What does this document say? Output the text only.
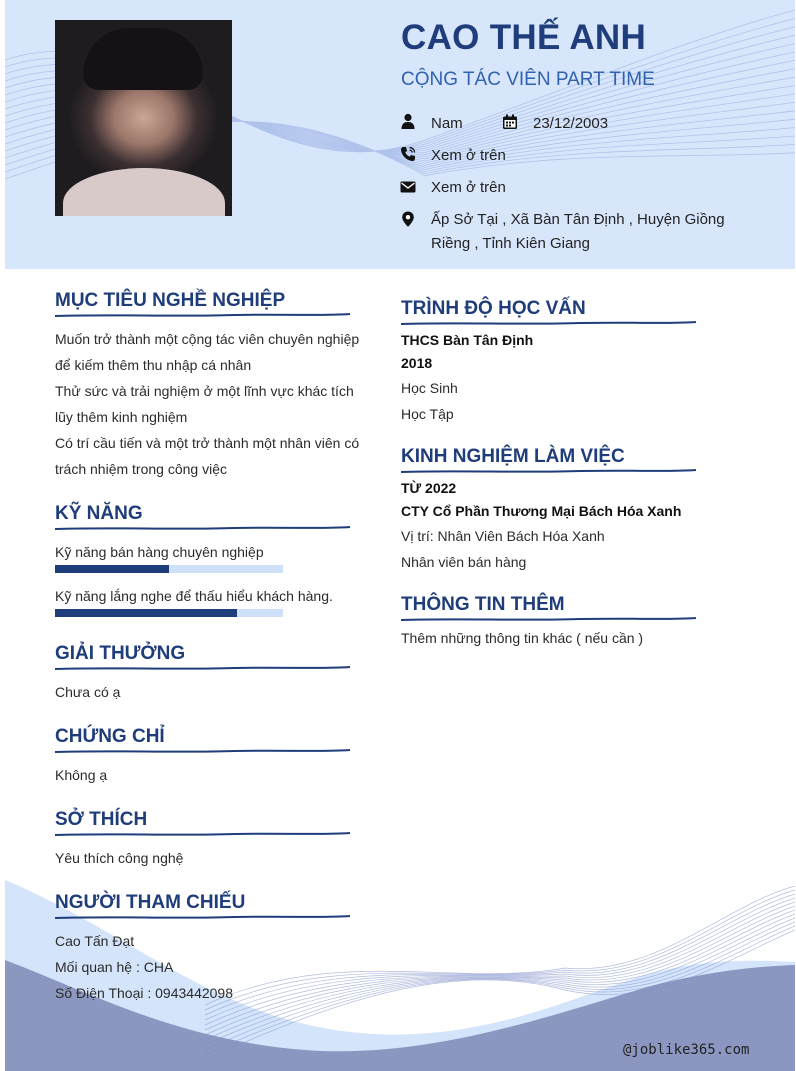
CAO THẾ ANH
CỘNG TÁC VIÊN PART TIME
Nam	23/12/2003
Xem ở trên
Xem ở trên
Ấp Sở Tại , Xã Bàn Tân Định , Huyện Giồng
Riềng , Tỉnh Kiên Giang
MỤC TIÊU NGHỀ NGHIỆP
Muốn trở thành một cộng tác viên chuyên nghiệp
để kiếm thêm thu nhập cá nhân
Thử sức và trải nghiệm ở một lĩnh vực khác tích
lũy thêm kinh nghiệm
Có trí cầu tiến và một trở thành một nhân viên có
trách nhiệm trong công việc
KỸ NĂNG
Kỹ năng bán hàng chuyên nghiệp
Kỹ năng lắng nghe để thấu hiểu khách hàng.
GIẢI THƯỞNG
Chưa có ạ
CHỨNG CHỈ
Không ạ
SỞ THÍCH
Yêu thích công nghệ
NGƯỜI THAM CHIẾU
Cao Tấn Đạt
Mối quan hệ : CHA
Số Điện Thoại : 0943442098
TRÌNH ĐỘ HỌC VẤN
THCS Bàn Tân Định
2018
Học Sinh
Học Tập
KINH NGHIỆM LÀM VIỆC
TỪ 2022
CTY Cổ Phần Thương Mại Bách Hóa Xanh
Vị trí: Nhân Viên Bách Hóa Xanh
Nhân viên bán hàng
THÔNG TIN THÊM
Thêm những thông tin khác ( nếu cần )
@joblike365.com
